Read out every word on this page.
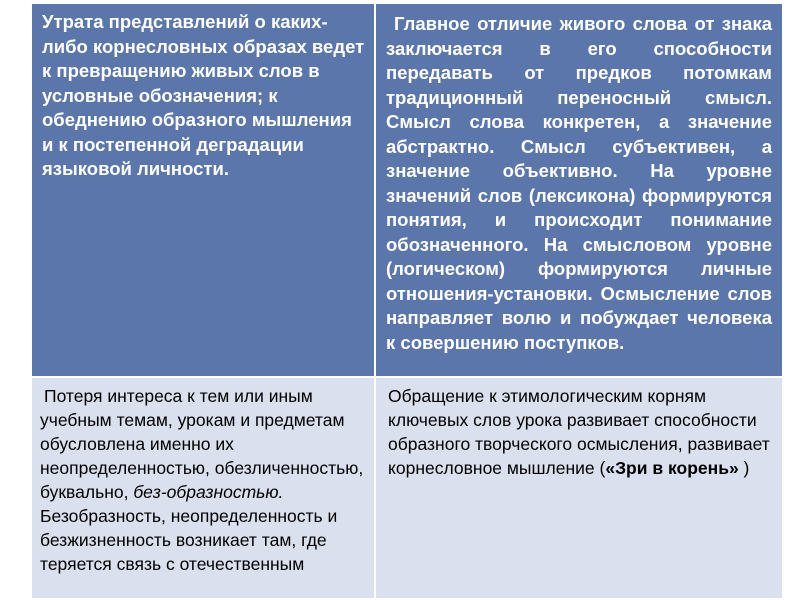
Утрата представлений о каких-либо корнесловных образах ведет к превращению живых слов в условные обозначения; к обеднению образного мышления и к постепенной деградации языковой личности.	Главное отличие живого слова от знака заключается в его способности передавать от предков потомкам традиционный переносный смысл. Смысл слова конкретен, а значение абстрактно. Смысл субъективен, а значение объективно. На уровне значений слов (лексикона) формируются понятия, и происходит понимание обозначенного. На смысловом уровне (логическом) формируются личные отношения-установки. Осмысление слов направляет волю и побуждает человека к совершению поступков.
Потеря интереса к тем или иным учебным темам, урокам и предметам обусловлена именно их неопределенностью, обезличенностью, буквально, без-образностью. Безобразность, неопределенность и безжизненность возникает там, где теряется связь с отечественным	Обращение к этимологическим корням ключевых слов урока развивает способности образного творческого осмысления, развивает корнесловное мышление («Зри в корень» )
